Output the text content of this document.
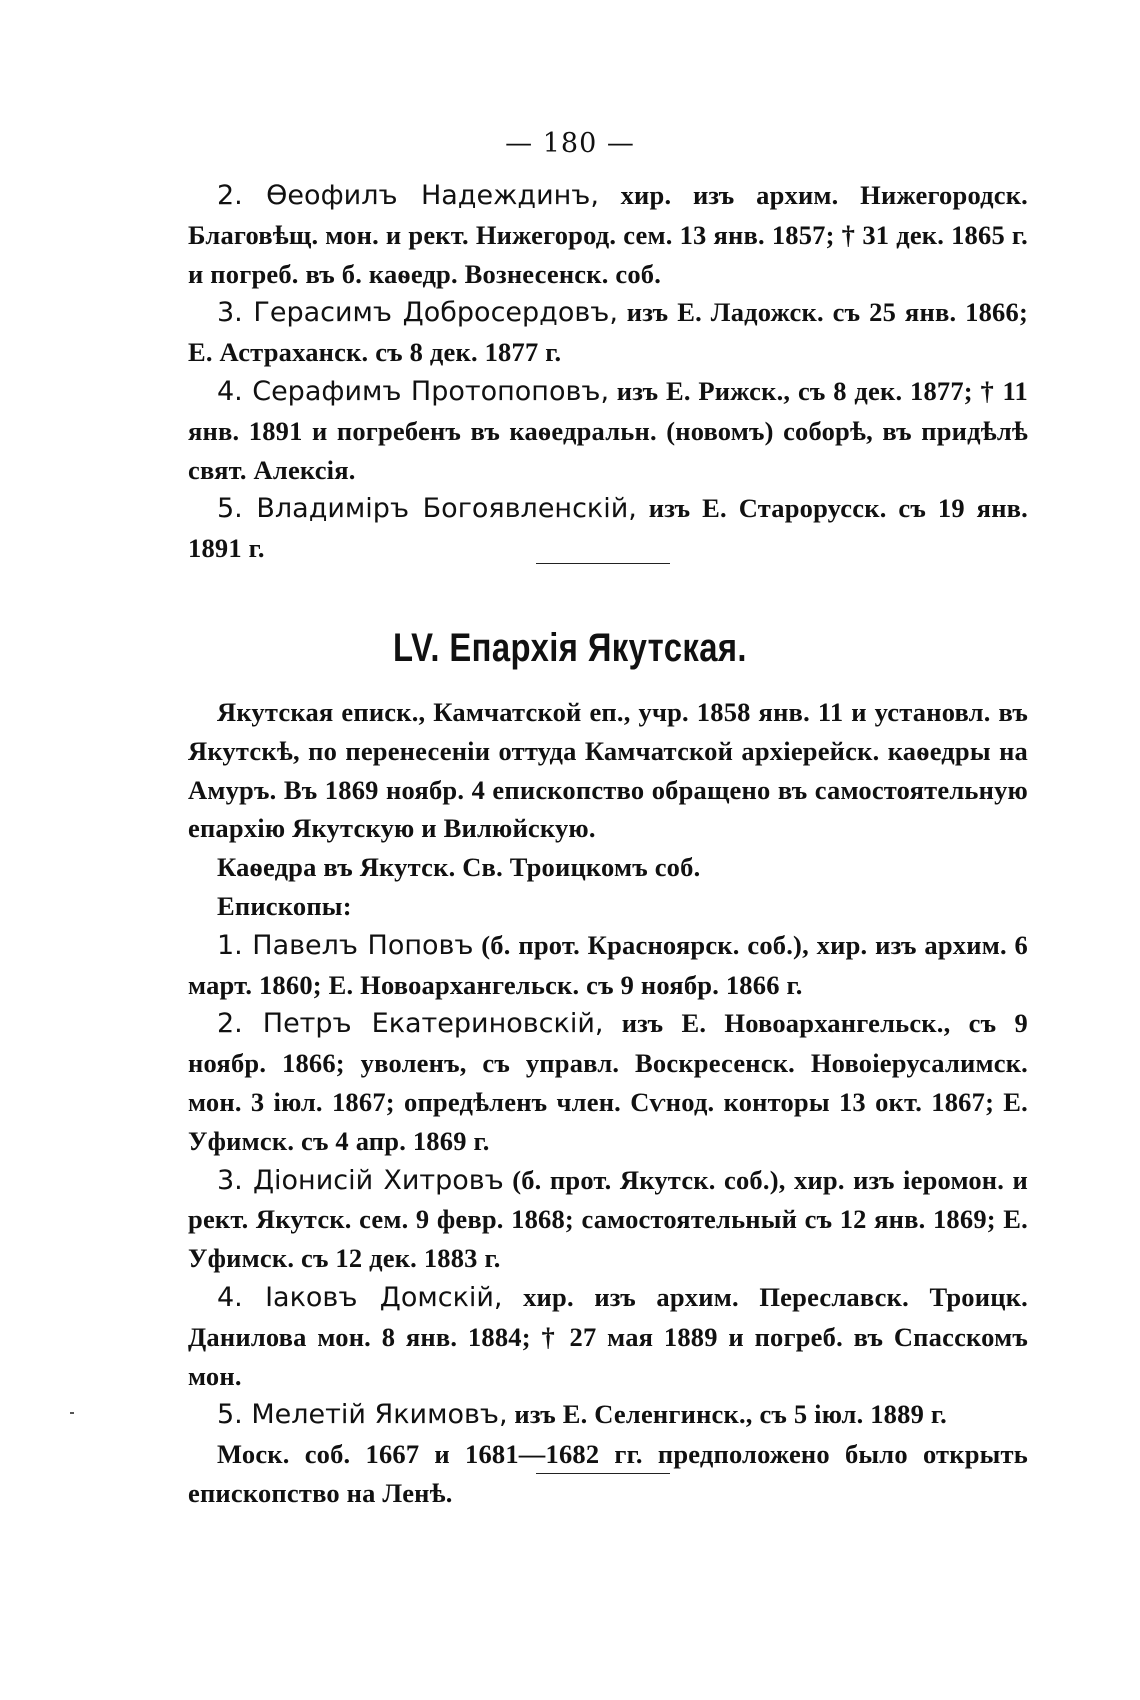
— 180 —

2. Ѳеофилъ Надеждинъ, хир. изъ архим. Нижегородск. Благовѣщ. мон. и рект. Нижегород. сем. 13 янв. 1857; † 31 дек. 1865 г. и погреб. въ б. каѳедр. Вознесенск. соб.

3. Герасимъ Добросердовъ, изъ Е. Ладожск. съ 25 янв. 1866; Е. Астраханск. съ 8 дек. 1877 г.

4. Серафимъ Протопоповъ, изъ Е. Рижск., съ 8 дек. 1877; † 11 янв. 1891 и погребенъ въ каѳедральн. (новомъ) соборѣ, въ придѣлѣ свят. Алексія.

5. Владиміръ Богоявленскій, изъ Е. Старорусск. съ 19 янв. 1891 г.

LV. Епархія Якутская.

Якутская еписк., Камчатской еп., учр. 1858 янв. 11 и установл. въ Якутскѣ, по перенесеніи оттуда Камчатской архіерейск. каѳедры на Амуръ. Въ 1869 ноябр. 4 епископство обращено въ самостоятельную епархію Якутскую и Вилюйскую.

Каѳедра въ Якутск. Св. Троицкомъ соб.

Епископы:

1. Павелъ Поповъ (б. прот. Красноярск. соб.), хир. изъ архим. 6 март. 1860; Е. Новоархангельск. съ 9 ноябр. 1866 г.

2. Петръ Екатериновскій, изъ Е. Новоархангельск., съ 9 ноябр. 1866; уволенъ, съ управл. Воскресенск. Новоіерусалимск. мон. 3 іюл. 1867; опредѣленъ член. Сѵнод. конторы 13 окт. 1867; Е. Уфимск. съ 4 апр. 1869 г.

3. Діонисій Хитровъ (б. прот. Якутск. соб.), хир. изъ іеромон. и рект. Якутск. сем. 9 февр. 1868; самостоятельный съ 12 янв. 1869; Е. Уфимск. съ 12 дек. 1883 г.

4. Іаковъ Домскій, хир. изъ архим. Переславск. Троицк. Данилова мон. 8 янв. 1884; † 27 мая 1889 и погреб. въ Спасскомъ мон.

5. Мелетій Якимовъ, изъ Е. Селенгинск., съ 5 іюл. 1889 г.

Моск. соб. 1667 и 1681—1682 гг. предположено было открыть епископство на Ленѣ.
